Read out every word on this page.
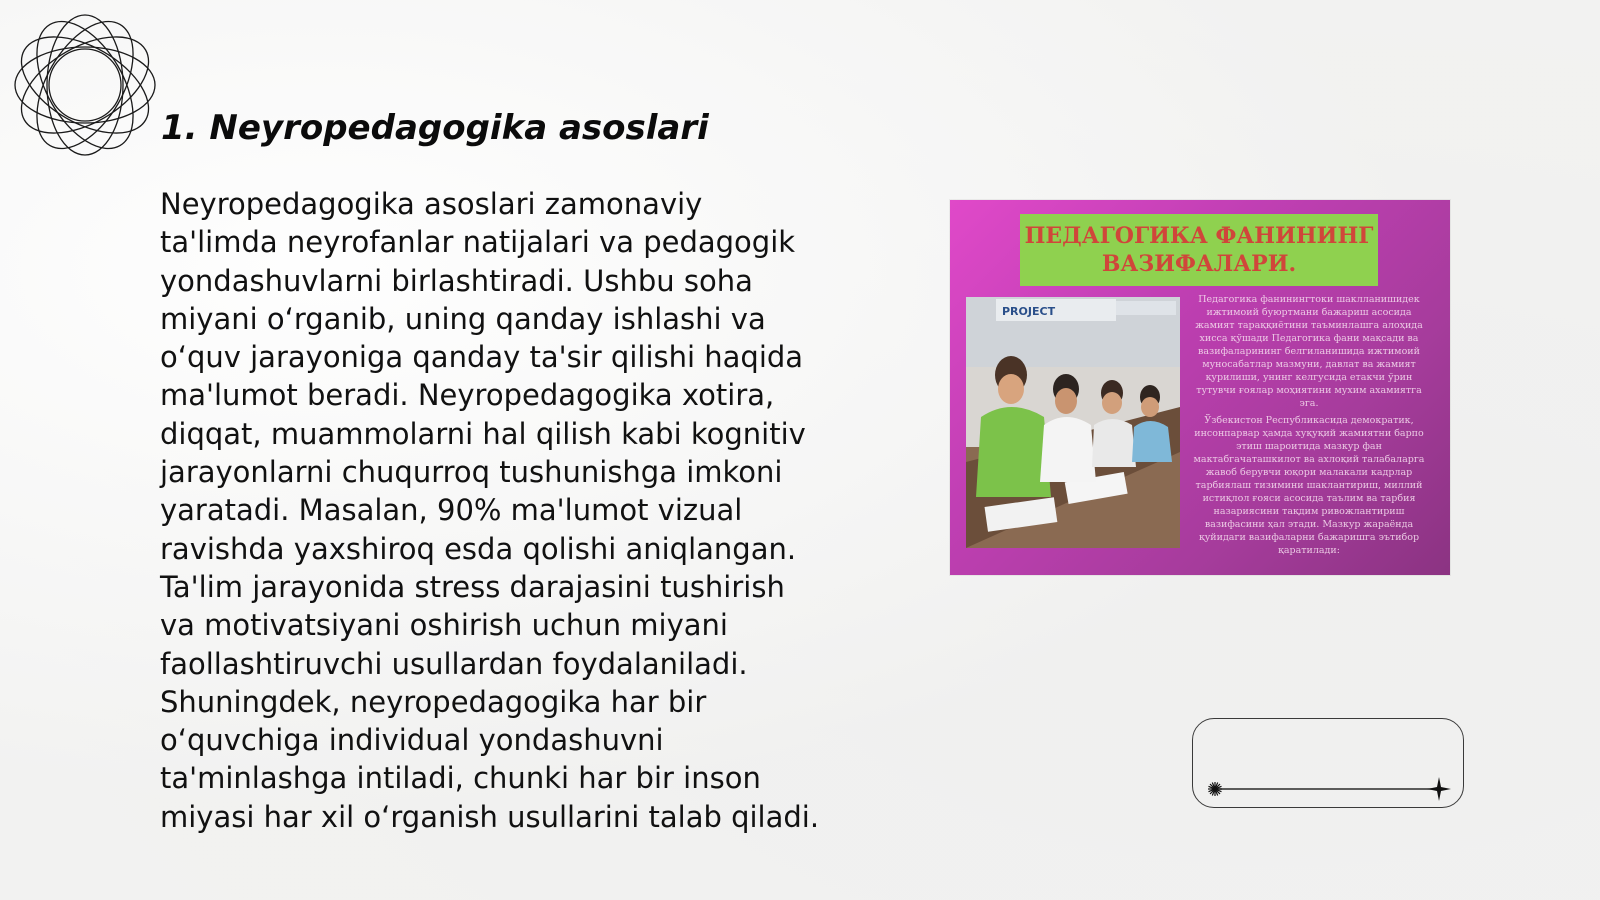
1. Neyropedagogika asoslari

Neyropedagogika asoslari zamonaviy
ta'limda neyrofanlar natijalari va pedagogik
yondashuvlarni birlashtiradi. Ushbu soha
miyani o‘rganib, uning qanday ishlashi va
o‘quv jarayoniga qanday ta'sir qilishi haqida
ma'lumot beradi. Neyropedagogika xotira,
diqqat, muammolarni hal qilish kabi kognitiv
jarayonlarni chuqurroq tushunishga imkoni
yaratadi. Masalan, 90% ma'lumot vizual
ravishda yaxshiroq esda qolishi aniqlangan.
Ta'lim jarayonida stress darajasini tushirish
va motivatsiyani oshirish uchun miyani
faollashtiruvchi usullardan foydalaniladi.
Shuningdek, neyropedagogika har bir
o‘quvchiga individual yondashuvni
ta'minlashga intiladi, chunki har bir inson
miyasi har xil o‘rganish usullarini talab qiladi.

ПЕДАГОГИКА ФАНИНИНГ
ВАЗИФАЛАРИ.
PROJECT

Педагогика фанинингтоки шаклланишидек ижтимоий буюртмани бажариш асосида жамият тараққиётини таъминлашга алоҳида хисса қўшади Педагогика фани мақсади ва вазифаларининг белгиланишида ижтимоий муносабатлар мазмуни, давлат ва жамият қурилиши, унинг келгусида етакчи ўрин тутувчи ғоялар моҳиятини мухим ахамиятга эга.

Ўзбекистон Республикасида демократик, инсонпарвар ҳамда хуқуқий жамиятни барпо этиш шароитида мазкур фан мактабгачаташкилот ва ахлоқий талабаларга жавоб берувчи юқори малакали кадрлар тарбиялаш тизимини шаклантириш, миллий истиқлол ғояси асосида таълим ва тарбия назариясини тақдим ривожлантириш вазифасини ҳал этади. Мазкур жараёнда қуйидаги вазифаларни бажаришга эътибор қаратилади:
